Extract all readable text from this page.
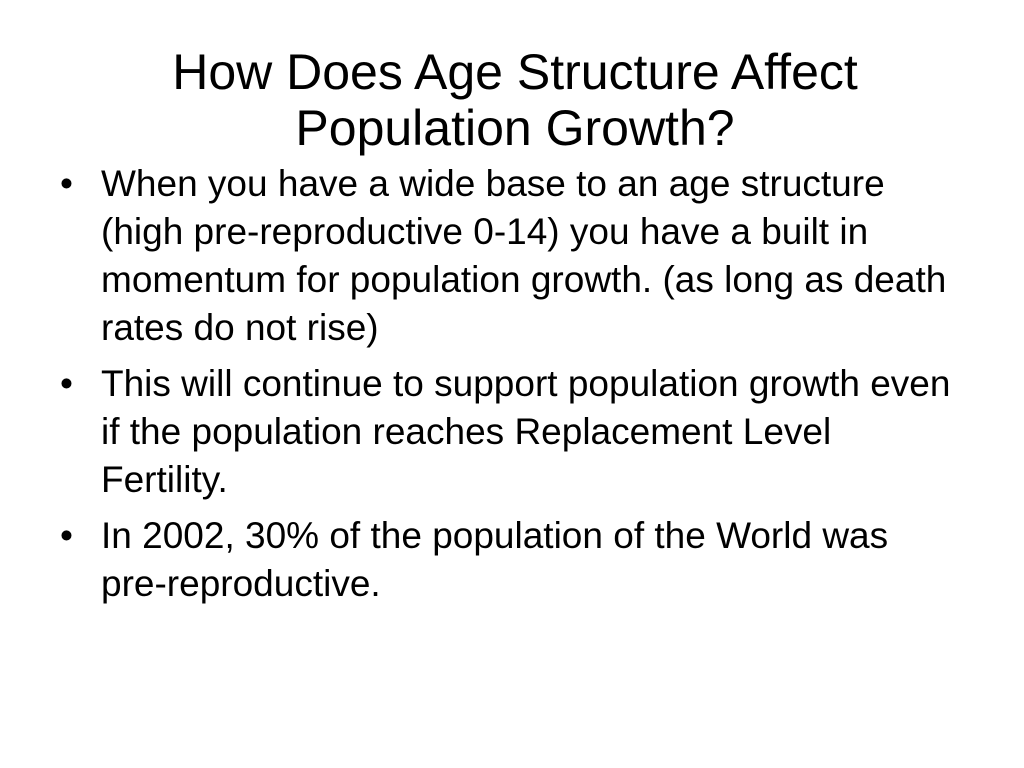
How Does Age Structure Affect
Population Growth?
• When you have a wide base to an age structure (high pre-reproductive 0-14) you have a built in momentum for population growth. (as long as death rates do not rise)
• This will continue to support population growth even if the population reaches Replacement Level Fertility.
• In 2002, 30% of the population of the World was pre-reproductive.
